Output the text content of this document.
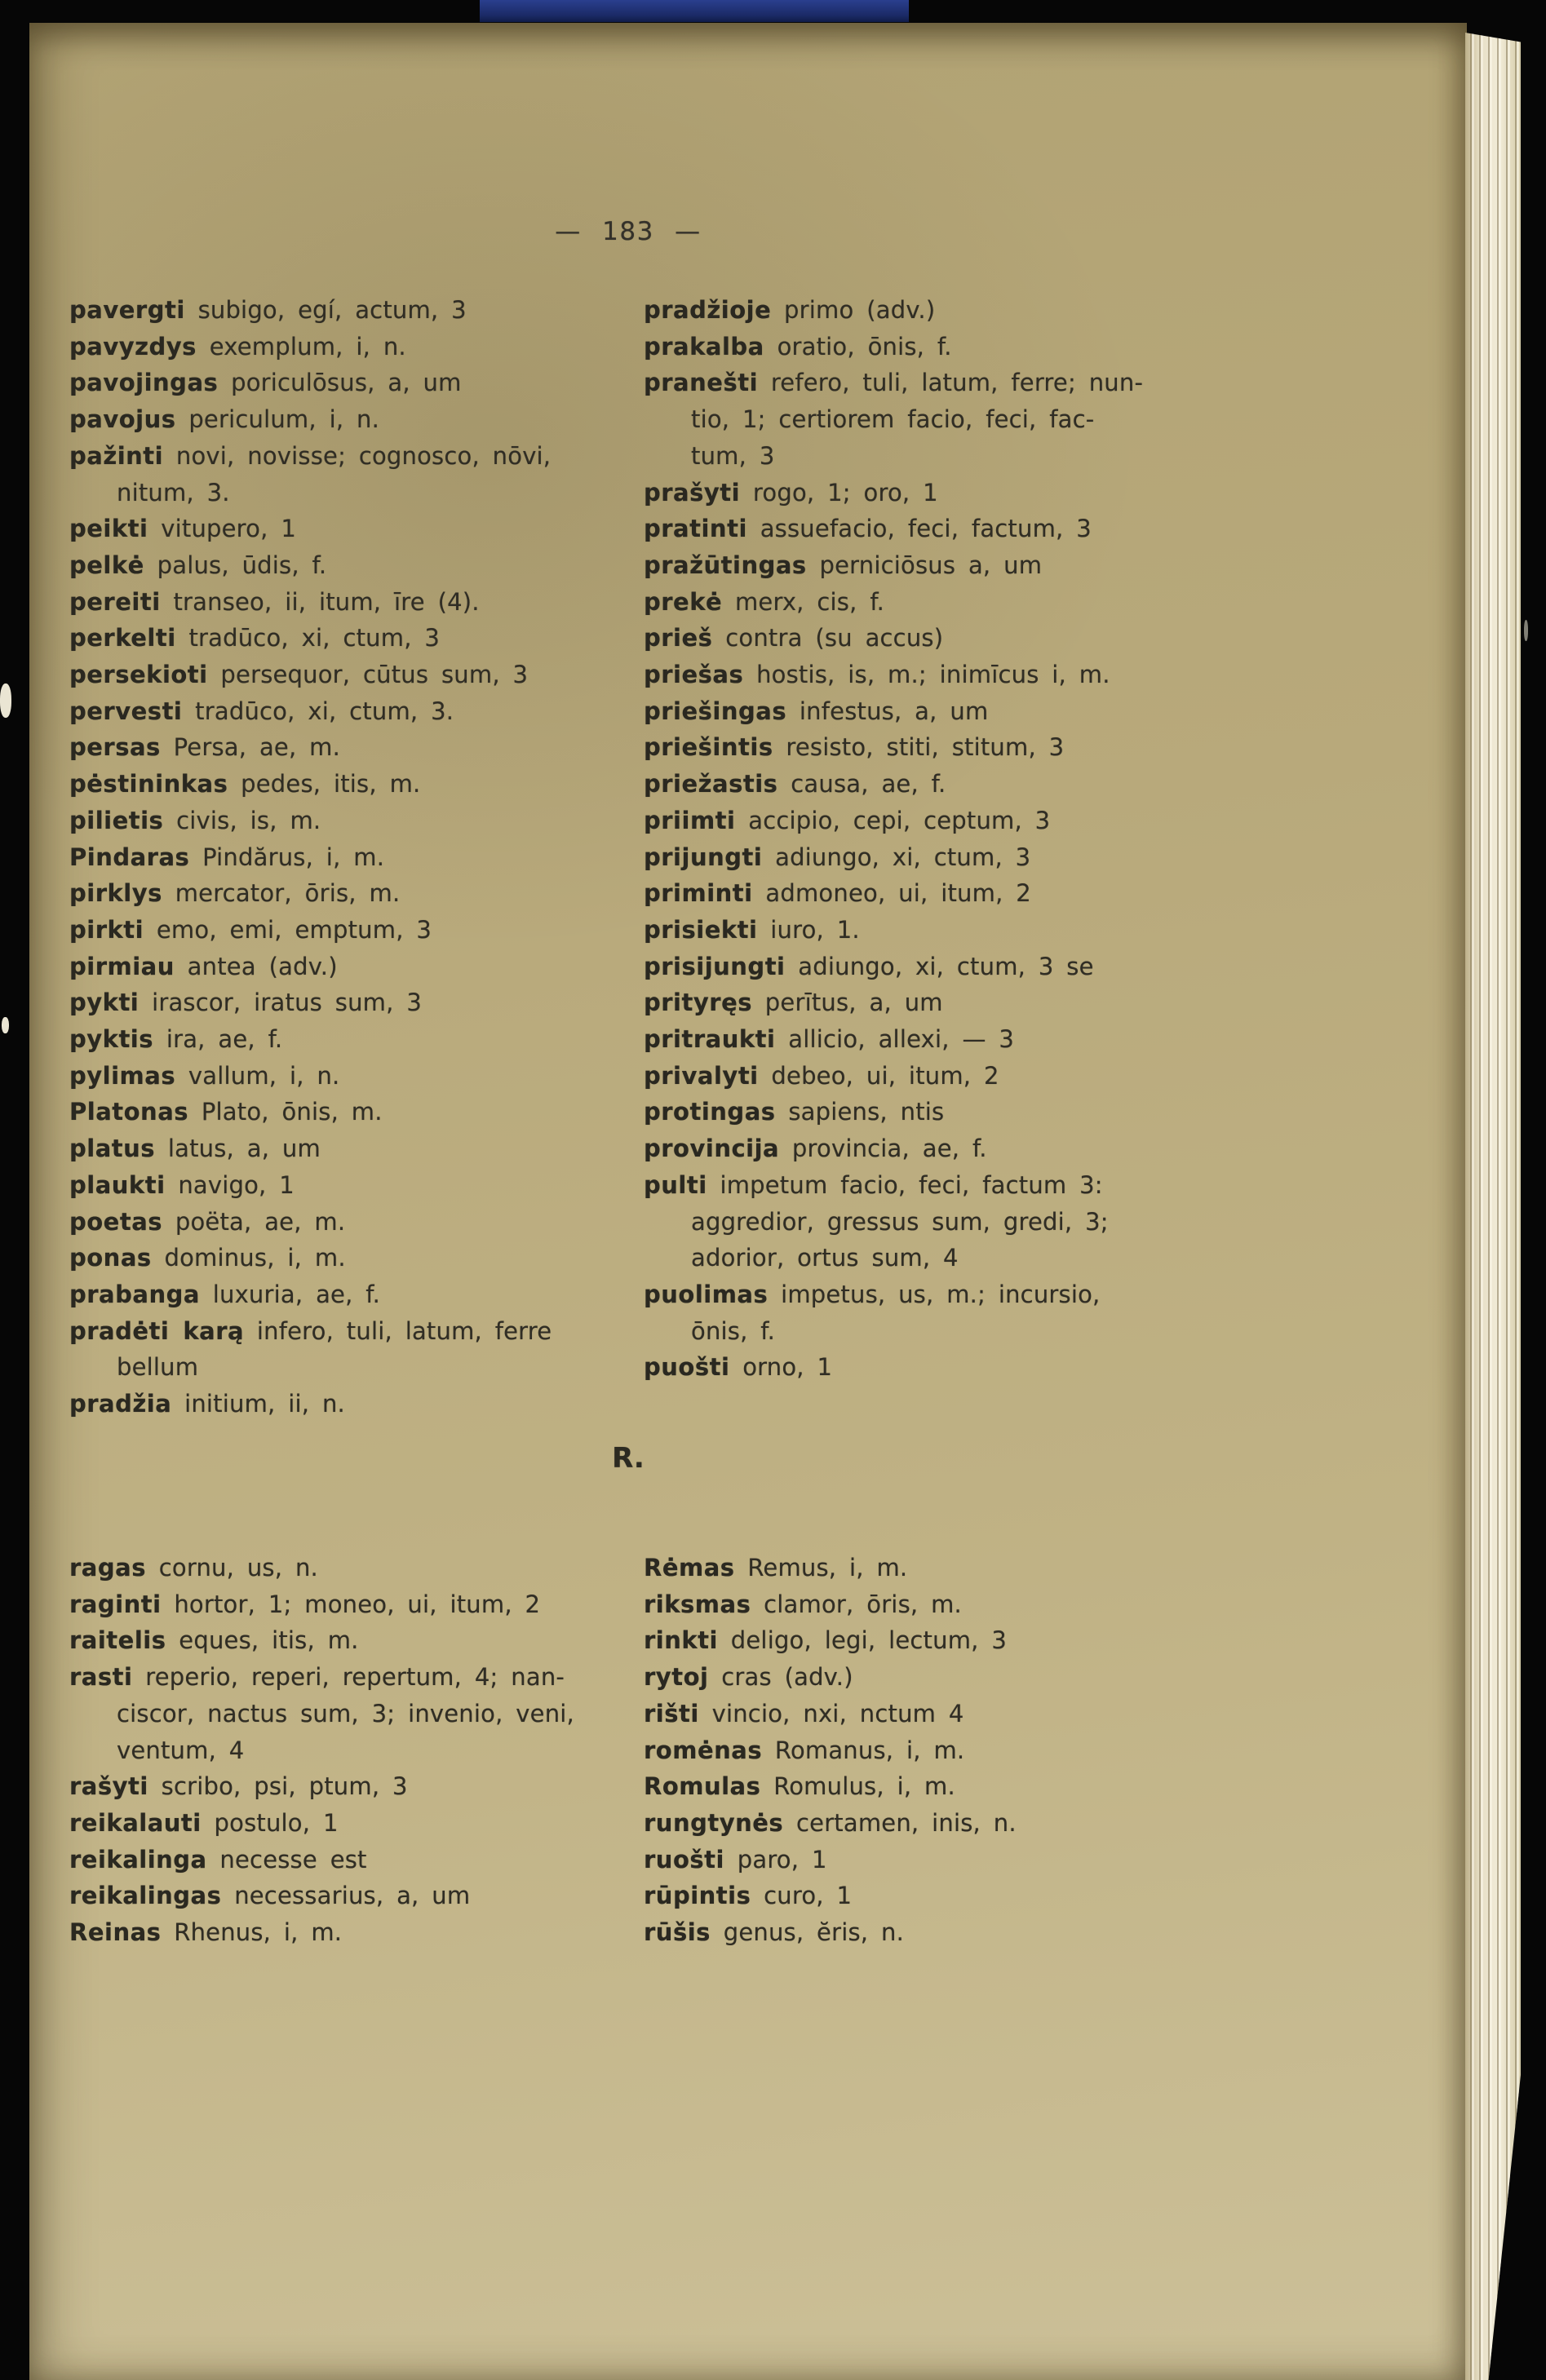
— 183 —
pavergti subigo, egí, actum, 3
pavyzdys exemplum, i, n.
pavojingas poriculōsus, a, um
pavojus periculum, i, n.
pažinti novi, novisse; cognosco, nōvi,
nitum, 3.
peikti vitupero, 1
pelkė palus, ūdis, f.
pereiti transeo, ii, itum, īre (4).
perkelti tradūco, xi, ctum, 3
persekioti persequor, cūtus sum, 3
pervesti tradūco, xi, ctum, 3.
persas Persa, ae, m.
pėstininkas pedes, itis, m.
pilietis civis, is, m.
Pindaras Pindărus, i, m.
pirklys mercator, ōris, m.
pirkti emo, emi, emptum, 3
pirmiau antea (adv.)
pykti irascor, iratus sum, 3
pyktis ira, ae, f.
pylimas vallum, i, n.
Platonas Plato, ōnis, m.
platus latus, a, um
plaukti navigo, 1
poetas poëta, ae, m.
ponas dominus, i, m.
prabanga luxuria, ae, f.
pradėti karą infero, tuli, latum, ferre
bellum
pradžia initium, ii, n.
pradžioje primo (adv.)
prakalba oratio, ōnis, f.
pranešti refero, tuli, latum, ferre; nun-
tio, 1; certiorem facio, feci, fac-
tum, 3
prašyti rogo, 1; oro, 1
pratinti assuefacio, feci, factum, 3
pražūtingas perniciōsus a, um
prekė merx, cis, f.
prieš contra (su accus)
priešas hostis, is, m.; inimīcus i, m.
priešingas infestus, a, um
priešintis resisto, stiti, stitum, 3
priežastis causa, ae, f.
priimti accipio, cepi, ceptum, 3
prijungti adiungo, xi, ctum, 3
priminti admoneo, ui, itum, 2
prisiekti iuro, 1.
prisijungti adiungo, xi, ctum, 3 se
prityręs perītus, a, um
pritraukti allicio, allexi, — 3
privalyti debeo, ui, itum, 2
protingas sapiens, ntis
provincija provincia, ae, f.
pulti impetum facio, feci, factum 3:
aggredior, gressus sum, gredi, 3;
adorior, ortus sum, 4
puolimas impetus, us, m.; incursio,
ōnis, f.
puošti orno, 1
R.
ragas cornu, us, n.
raginti hortor, 1; moneo, ui, itum, 2
raitelis eques, itis, m.
rasti reperio, reperi, repertum, 4; nan-
ciscor, nactus sum, 3; invenio, veni,
ventum, 4
rašyti scribo, psi, ptum, 3
reikalauti postulo, 1
reikalinga necesse est
reikalingas necessarius, a, um
Reinas Rhenus, i, m.
Rėmas Remus, i, m.
riksmas clamor, ōris, m.
rinkti deligo, legi, lectum, 3
rytoj cras (adv.)
rišti vincio, nxi, nctum 4
romėnas Romanus, i, m.
Romulas Romulus, i, m.
rungtynės certamen, inis, n.
ruošti paro, 1
rūpintis curo, 1
rūšis genus, ĕris, n.
